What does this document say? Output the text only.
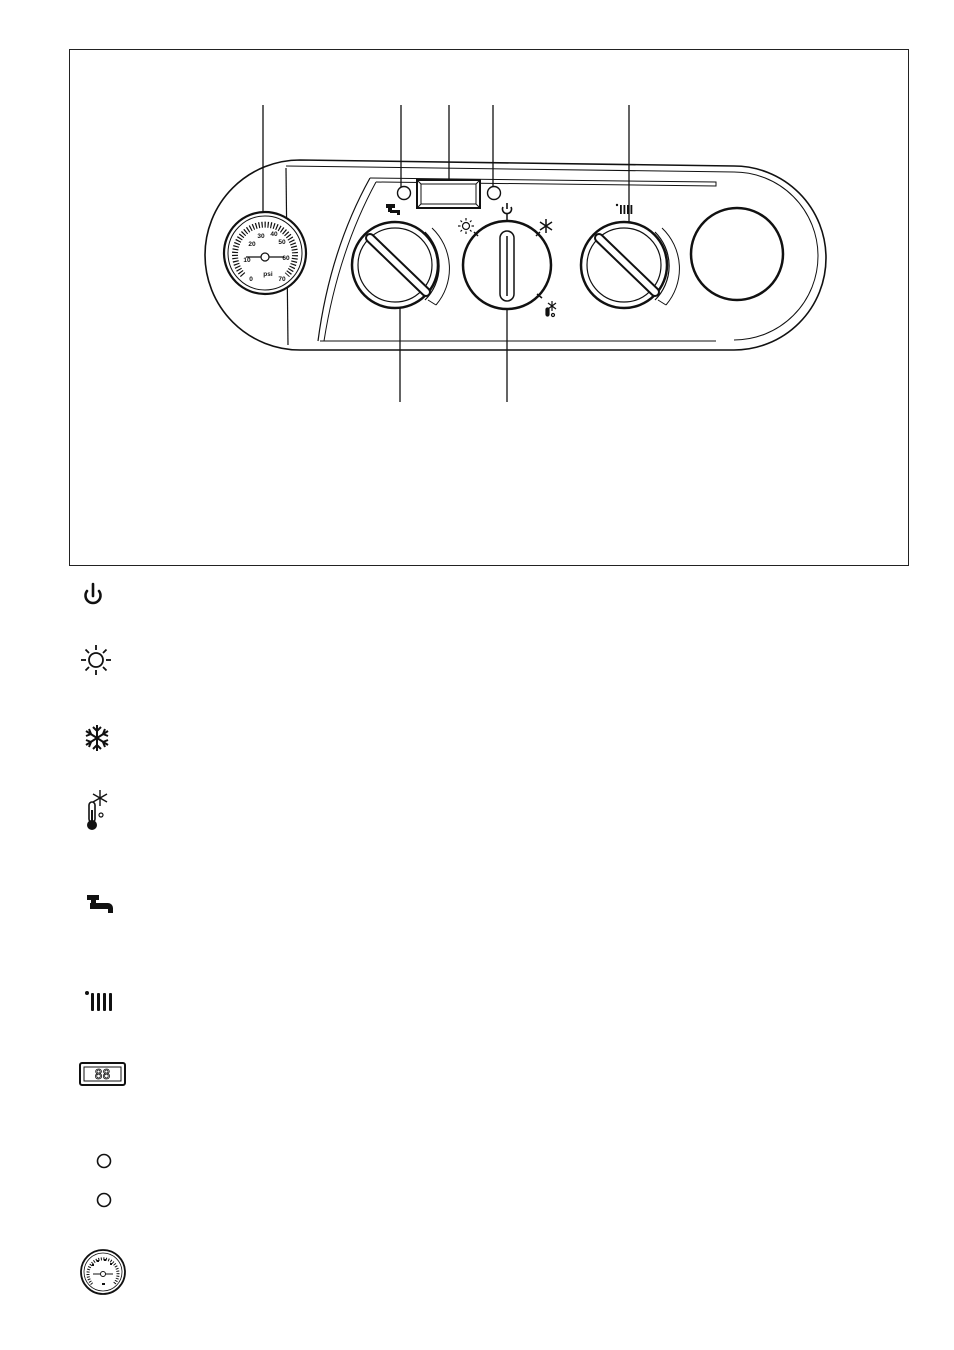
0
10
20
30 40
50
60
70
psi
88
